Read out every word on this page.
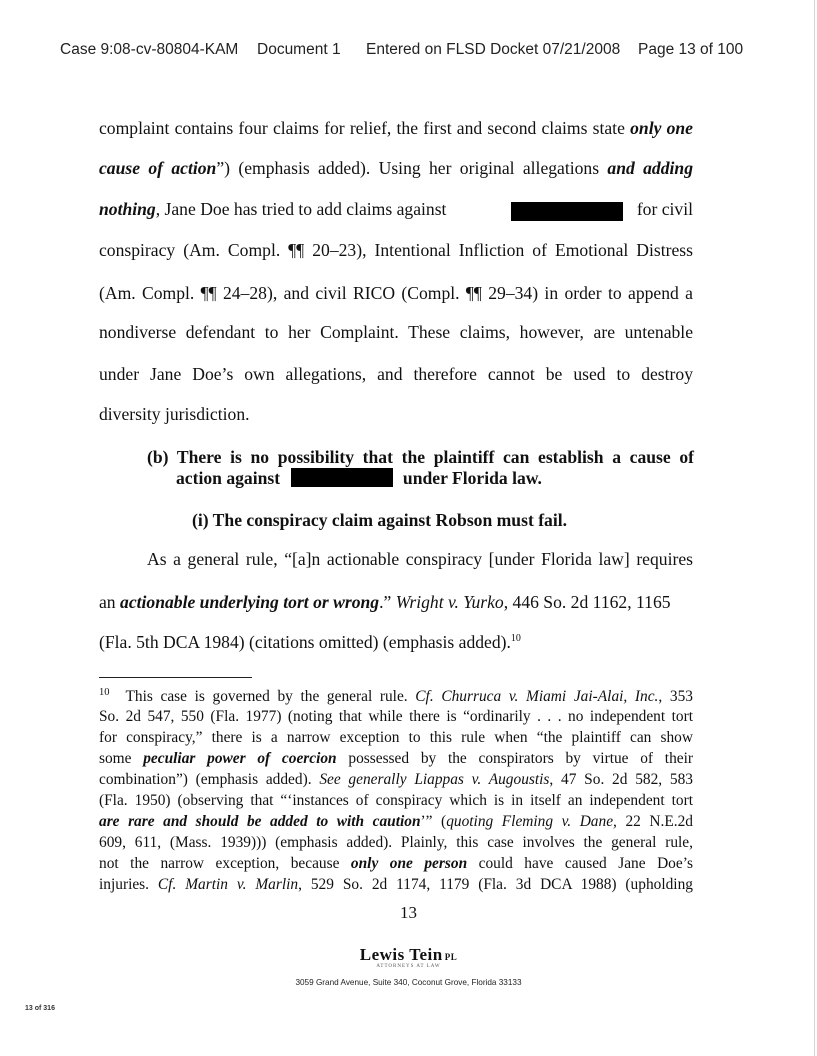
Case 9:08-cv-80804-KAM Document 1 Entered on FLSD Docket 07/21/2008 Page 13 of 100
complaint contains four claims for relief, the first and second claims state only one
cause of action”) (emphasis added). Using her original allegations and adding
nothing, Jane Doe has tried to add claims against	for civil
conspiracy (Am. Compl. ¶¶ 20–23), Intentional Infliction of Emotional Distress
(Am. Compl. ¶¶ 24–28), and civil RICO (Compl. ¶¶ 29–34) in order to append a
nondiverse defendant to her Complaint. These claims, however, are untenable
under Jane Doe’s own allegations, and therefore cannot be used to destroy
diversity jurisdiction.
(b) There is no possibility that the plaintiff can establish a cause of
action against	under Florida law.
(i) The conspiracy claim against Robson must fail.
As a general rule, “[a]n actionable conspiracy [under Florida law] requires
an actionable underlying tort or wrong.” Wright v. Yurko, 446 So. 2d 1162, 1165
(Fla. 5th DCA 1984) (citations omitted) (emphasis added).$^{10}$
$^{10}$ This case is governed by the general rule. Cf. Churruca v. Miami Jai-Alai, Inc., 353
So. 2d 547, 550 (Fla. 1977) (noting that while there is “ordinarily . . . no independent tort
for conspiracy,” there is a narrow exception to this rule when “the plaintiff can show
some peculiar power of coercion possessed by the conspirators by virtue of their
combination”) (emphasis added). See generally Liappas v. Augoustis, 47 So. 2d 582, 583
(Fla. 1950) (observing that “‘instances of conspiracy which is in itself an independent tort
are rare and should be added to with caution’” (quoting Fleming v. Dane, 22 N.E.2d
609, 611, (Mass. 1939))) (emphasis added). Plainly, this case involves the general rule,
not the narrow exception, because only one person could have caused Jane Doe’s
injuries. Cf. Martin v. Marlin, 529 So. 2d 1174, 1179 (Fla. 3d DCA 1988) (upholding
13
Lewis Tein PL
ATTORNEYS AT LAW
3059 Grand Avenue, Suite 340, Coconut Grove, Florida 33133
13 of 316
